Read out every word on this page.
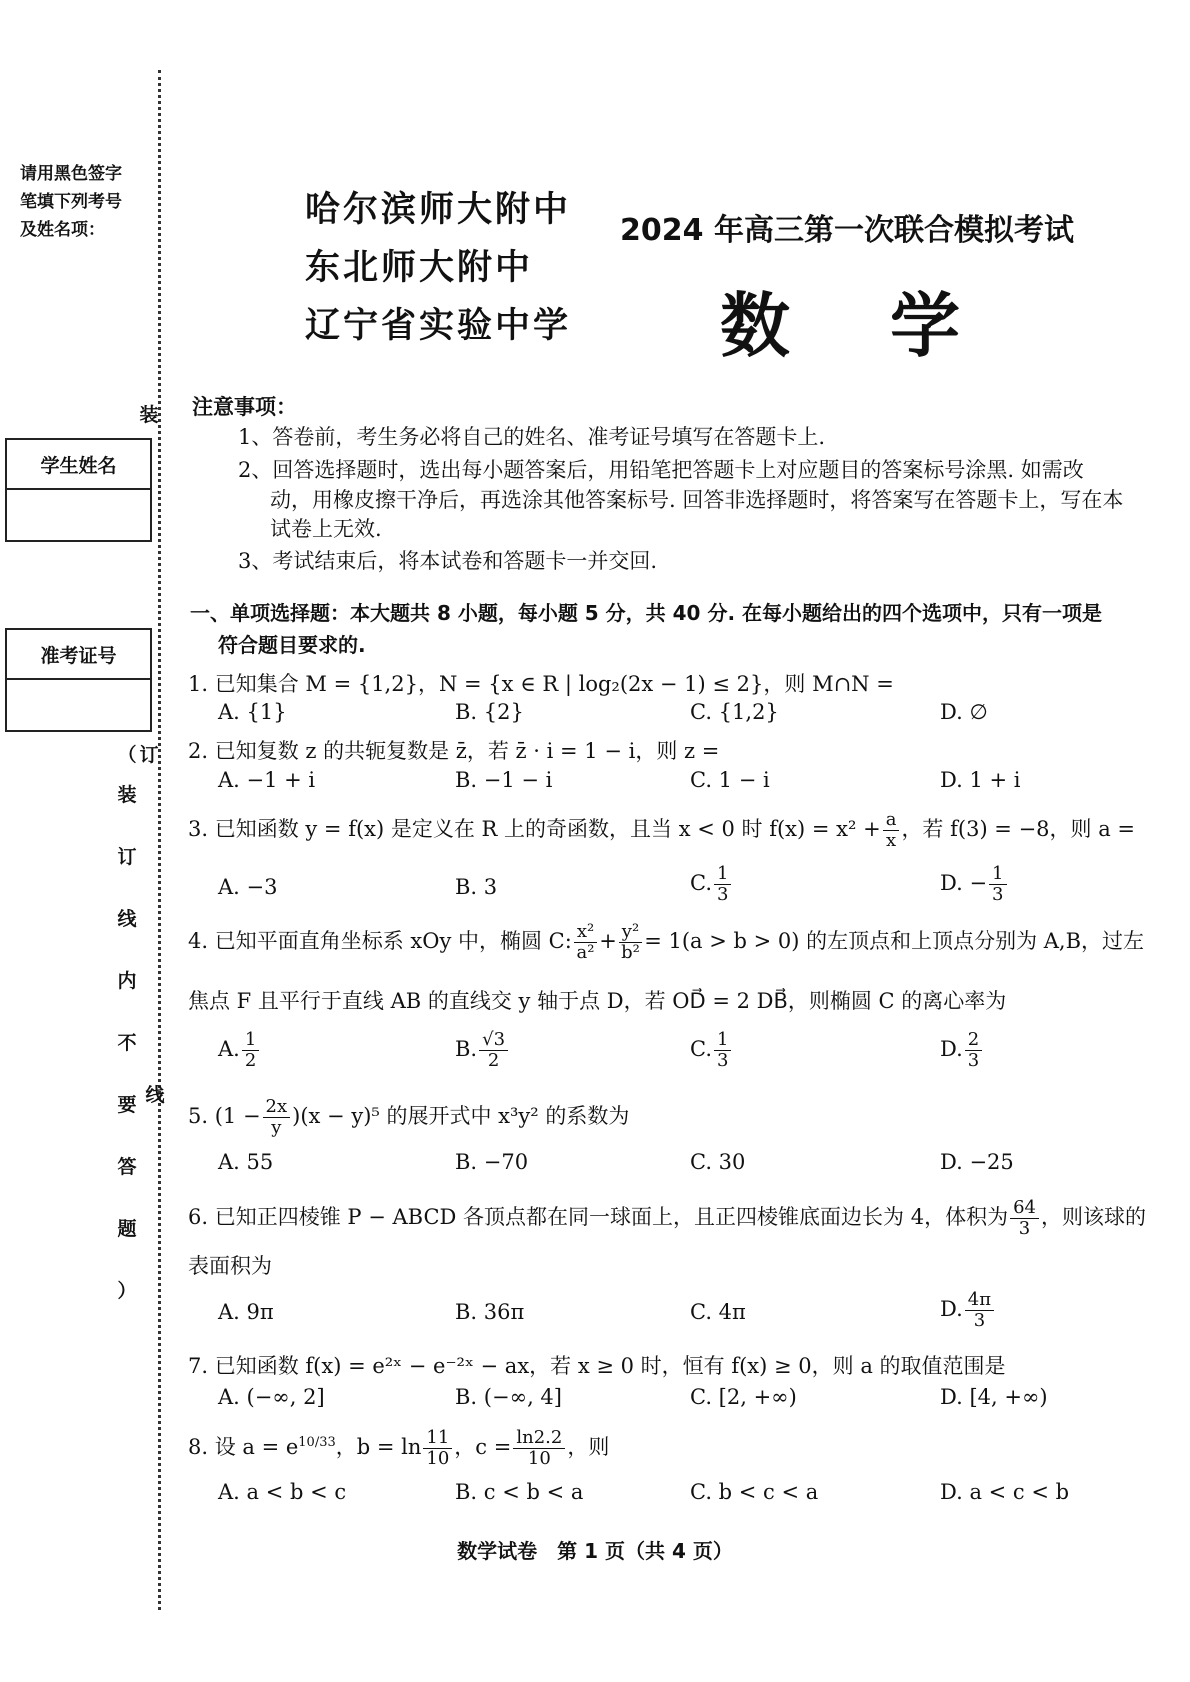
请用黑色签字
笔填下列考号
及姓名项：
装
订
线
学生姓名
准考证号
（
装
订
线
内
不
要
答
题
）
哈尔滨师大附中
东北师大附中
辽宁省实验中学
2024 年高三第一次联合模拟考试
数学
注意事项：
1、答卷前，考生务必将自己的姓名、准考证号填写在答题卡上.
2、回答选择题时，选出每小题答案后，用铅笔把答题卡上对应题目的答案标号涂黑. 如需改
动，用橡皮擦干净后，再选涂其他答案标号. 回答非选择题时，将答案写在答题卡上，写在本
试卷上无效.
3、考试结束后，将本试卷和答题卡一并交回.
一、单项选择题：本大题共 8 小题，每小题 5 分，共 40 分. 在每小题给出的四个选项中，只有一项是
符合题目要求的.
1. 已知集合 M = {1,2}，N = {x ∈ R | log₂(2x − 1) ≤ 2}，则 M∩N =
A. {1}	B. {2}	C. {1,2}	D. ∅
2. 已知复数 z 的共轭复数是 z̄，若 z̄ · i = 1 − i，则 z =
A. −1 + i	B. −1 − i	C. 1 − i	D. 1 + i
3. 已知函数 y = f(x) 是定义在 R 上的奇函数，且当 x < 0 时 $f(x) = x^2 + \frac{a}{x}$ ，若 f(3) = −8，则 a =
A. −3	B. 3	C. $\frac{1}{3}$	D. − $\frac{1}{3}$
4. 已知平面直角坐标系 xOy 中，椭圆 C: $\frac{\text{x²}}{\text{a²}} + \frac{\text{y²}}{\text{b²}} = 1(a > b > 0)$ 的左顶点和上顶点分别为 A,B，过左
焦点 F 且平行于直线 AB 的直线交 y 轴于点 D，若 OD⃗ = 2 DB⃗，则椭圆 C 的离心率为
A. $\frac{1}{2}$	B. $\frac{√3}{2}$	C. $\frac{1}{3}$	D. $\frac{2}{3}$
5. $(1 - \frac{2x}{y} )(x - y)^5$ 的展开式中 x³y² 的系数为
A. 55	B. −70	C. 30	D. −25
6. 已知正四棱锥 P − ABCD 各顶点都在同一球面上，且正四棱锥底面边长为 4，体积为 $\frac{64}{3}$ ，则该球的
表面积为
A. 9π	B. 36π	C. 4π	D. $\frac{4\pi}{3}$
7. 已知函数 f(x) = e²ˣ − e⁻²ˣ − ax，若 x ≥ 0 时，恒有 f(x) ≥ 0，则 a 的取值范围是
A. (−∞, 2]	B. (−∞, 4]	C. [2, +∞)	D. [4, +∞)
8. 设 $a = e^{10/33}$，$b = \ln \frac{11}{10}$ ，$c = \frac{\ln 2.2}{10}$ ，则
A. a < b < c	B. c < b < a	C. b < c < a	D. a < c < b
数学试卷　第 1 页（共 4 页）
